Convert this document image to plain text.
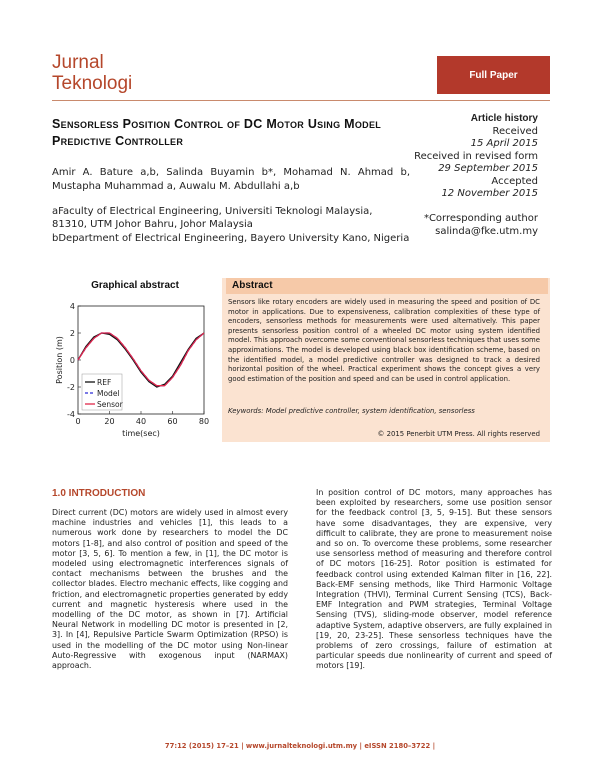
Jurnal
Teknologi	Full Paper
Sensorless Position Control of DC Motor Using Model Predictive Controller
Amir A. Bature a,b, Salinda Buyamin b*, Mohamad N. Ahmad b, Mustapha Muhammad a, Auwalu M. Abdullahi a,b

aFaculty of Electrical Engineering, Universiti Teknologi Malaysia, 81310, UTM Johor Bahru, Johor Malaysia

bDepartment of Electrical Engineering, Bayero University Kano, Nigeria

Article history
Received
15 April 2015
Received in revised form
29 September 2015
Accepted
12 November 2015
*Corresponding author
salinda@fke.utm.my
Graphical abstract
-4
-2
0
2
4
0	20	40	60	80
time(sec)
Position (m)	REF
Model
Sensor
Abstract
Sensors like rotary encoders are widely used in measuring the speed and position of DC motor in applications. Due to expensiveness, calibration complexities of these type of encoders, sensorless methods for measurements were used alternatively. This paper presents sensorless position control of a wheeled DC motor using system identified model. This approach overcome some conventional sensorless techniques that uses some approximations. The model is developed using black box identification scheme, based on the identified model, a model predictive controller was designed to track a desired horizontal position of the wheel. Practical experiment shows the concept gives a very good estimation of the position and speed and can be used in control application.
Keywords: Model predictive controller, system identification, sensorless
© 2015 Penerbit UTM Press. All rights reserved
1.0 INTRODUCTION
Direct current (DC) motors are widely used in almost every machine industries and vehicles [1], this leads to a numerous work done by researchers to model the DC motors [1-8], and also control of position and speed of the motor [3, 5, 6]. To mention a few, in [1], the DC motor is modeled using electromagnetic interferences signals of contact mechanisms between the brushes and the collector blades. Electro mechanic effects, like cogging and friction, and electromagnetic properties generated by eddy current and magnetic hysteresis where used in the modelling of the DC motor, as shown in [7]. Artificial Neural Network in modelling DC motor is presented in [2, 3]. In [4], Repulsive Particle Swarm Optimization (RPSO) is used in the modelling of the DC motor using Non-linear Auto-Regressive with exogenous input (NARMAX) approach.
In position control of DC motors, many approaches has been exploited by researchers, some use position sensor for the feedback control [3, 5, 9-15]. But these sensors have some disadvantages, they are expensive, very difficult to calibrate, they are prone to measurement noise and so on. To overcome these problems, some researcher use sensorless method of measuring and therefore control of DC motors [16-25]. Rotor position is estimated for feedback control using extended Kalman filter in [16, 22]. Back-EMF sensing methods, like Third Harmonic Voltage Integration (THVI), Terminal Current Sensing (TCS), Back-EMF Integration and PWM strategies, Terminal Voltage Sensing (TVS), sliding-mode observer, model reference adaptive System, adaptive observers, are fully explained in [19, 20, 23-25]. These sensorless techniques have the problems of zero crossings, failure of estimation at particular speeds due nonlinearity of current and speed of motors [19].
77:12 (2015) 17–21 | www.jurnalteknologi.utm.my | eISSN 2180–3722 |
